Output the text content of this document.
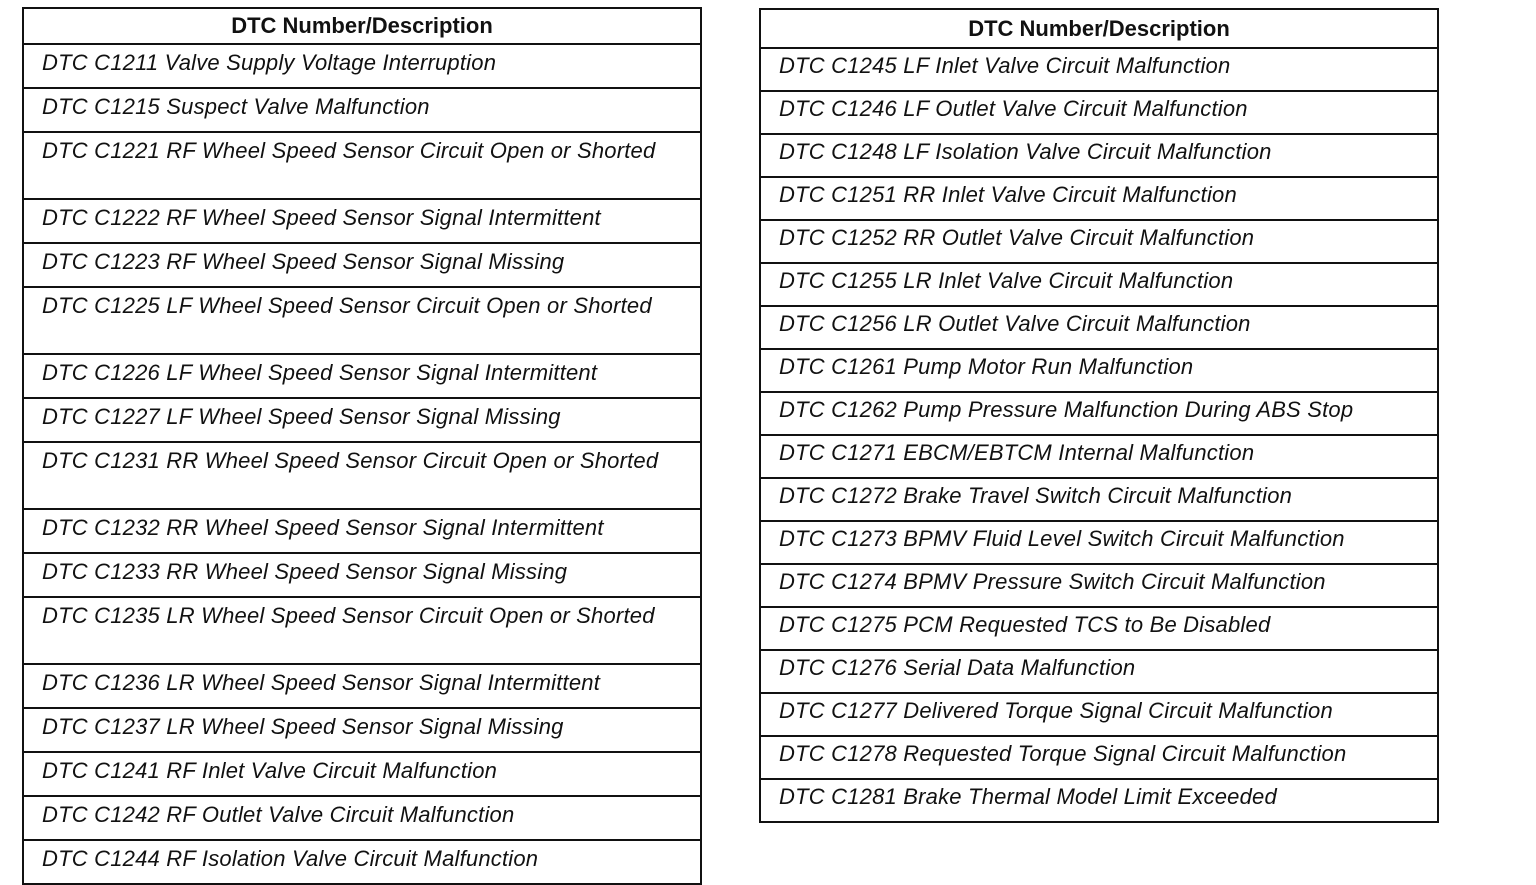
DTC Number/Description
DTC C1211 Valve Supply Voltage Interruption
DTC C1215 Suspect Valve Malfunction
DTC C1221 RF Wheel Speed Sensor Circuit Open or Shorted
DTC C1222 RF Wheel Speed Sensor Signal Intermittent
DTC C1223 RF Wheel Speed Sensor Signal Missing
DTC C1225 LF Wheel Speed Sensor Circuit Open or Shorted
DTC C1226 LF Wheel Speed Sensor Signal Intermittent
DTC C1227 LF Wheel Speed Sensor Signal Missing
DTC C1231 RR Wheel Speed Sensor Circuit Open or Shorted
DTC C1232 RR Wheel Speed Sensor Signal Intermittent
DTC C1233 RR Wheel Speed Sensor Signal Missing
DTC C1235 LR Wheel Speed Sensor Circuit Open or Shorted
DTC C1236 LR Wheel Speed Sensor Signal Intermittent
DTC C1237 LR Wheel Speed Sensor Signal Missing
DTC C1241 RF Inlet Valve Circuit Malfunction
DTC C1242 RF Outlet Valve Circuit Malfunction
DTC C1244 RF Isolation Valve Circuit Malfunction
DTC Number/Description
DTC C1245 LF Inlet Valve Circuit Malfunction
DTC C1246 LF Outlet Valve Circuit Malfunction
DTC C1248 LF Isolation Valve Circuit Malfunction
DTC C1251 RR Inlet Valve Circuit Malfunction
DTC C1252 RR Outlet Valve Circuit Malfunction
DTC C1255 LR Inlet Valve Circuit Malfunction
DTC C1256 LR Outlet Valve Circuit Malfunction
DTC C1261 Pump Motor Run Malfunction
DTC C1262 Pump Pressure Malfunction During ABS Stop
DTC C1271 EBCM/EBTCM Internal Malfunction
DTC C1272 Brake Travel Switch Circuit Malfunction
DTC C1273 BPMV Fluid Level Switch Circuit Malfunction
DTC C1274 BPMV Pressure Switch Circuit Malfunction
DTC C1275 PCM Requested TCS to Be Disabled
DTC C1276 Serial Data Malfunction
DTC C1277 Delivered Torque Signal Circuit Malfunction
DTC C1278 Requested Torque Signal Circuit Malfunction
DTC C1281 Brake Thermal Model Limit Exceeded
